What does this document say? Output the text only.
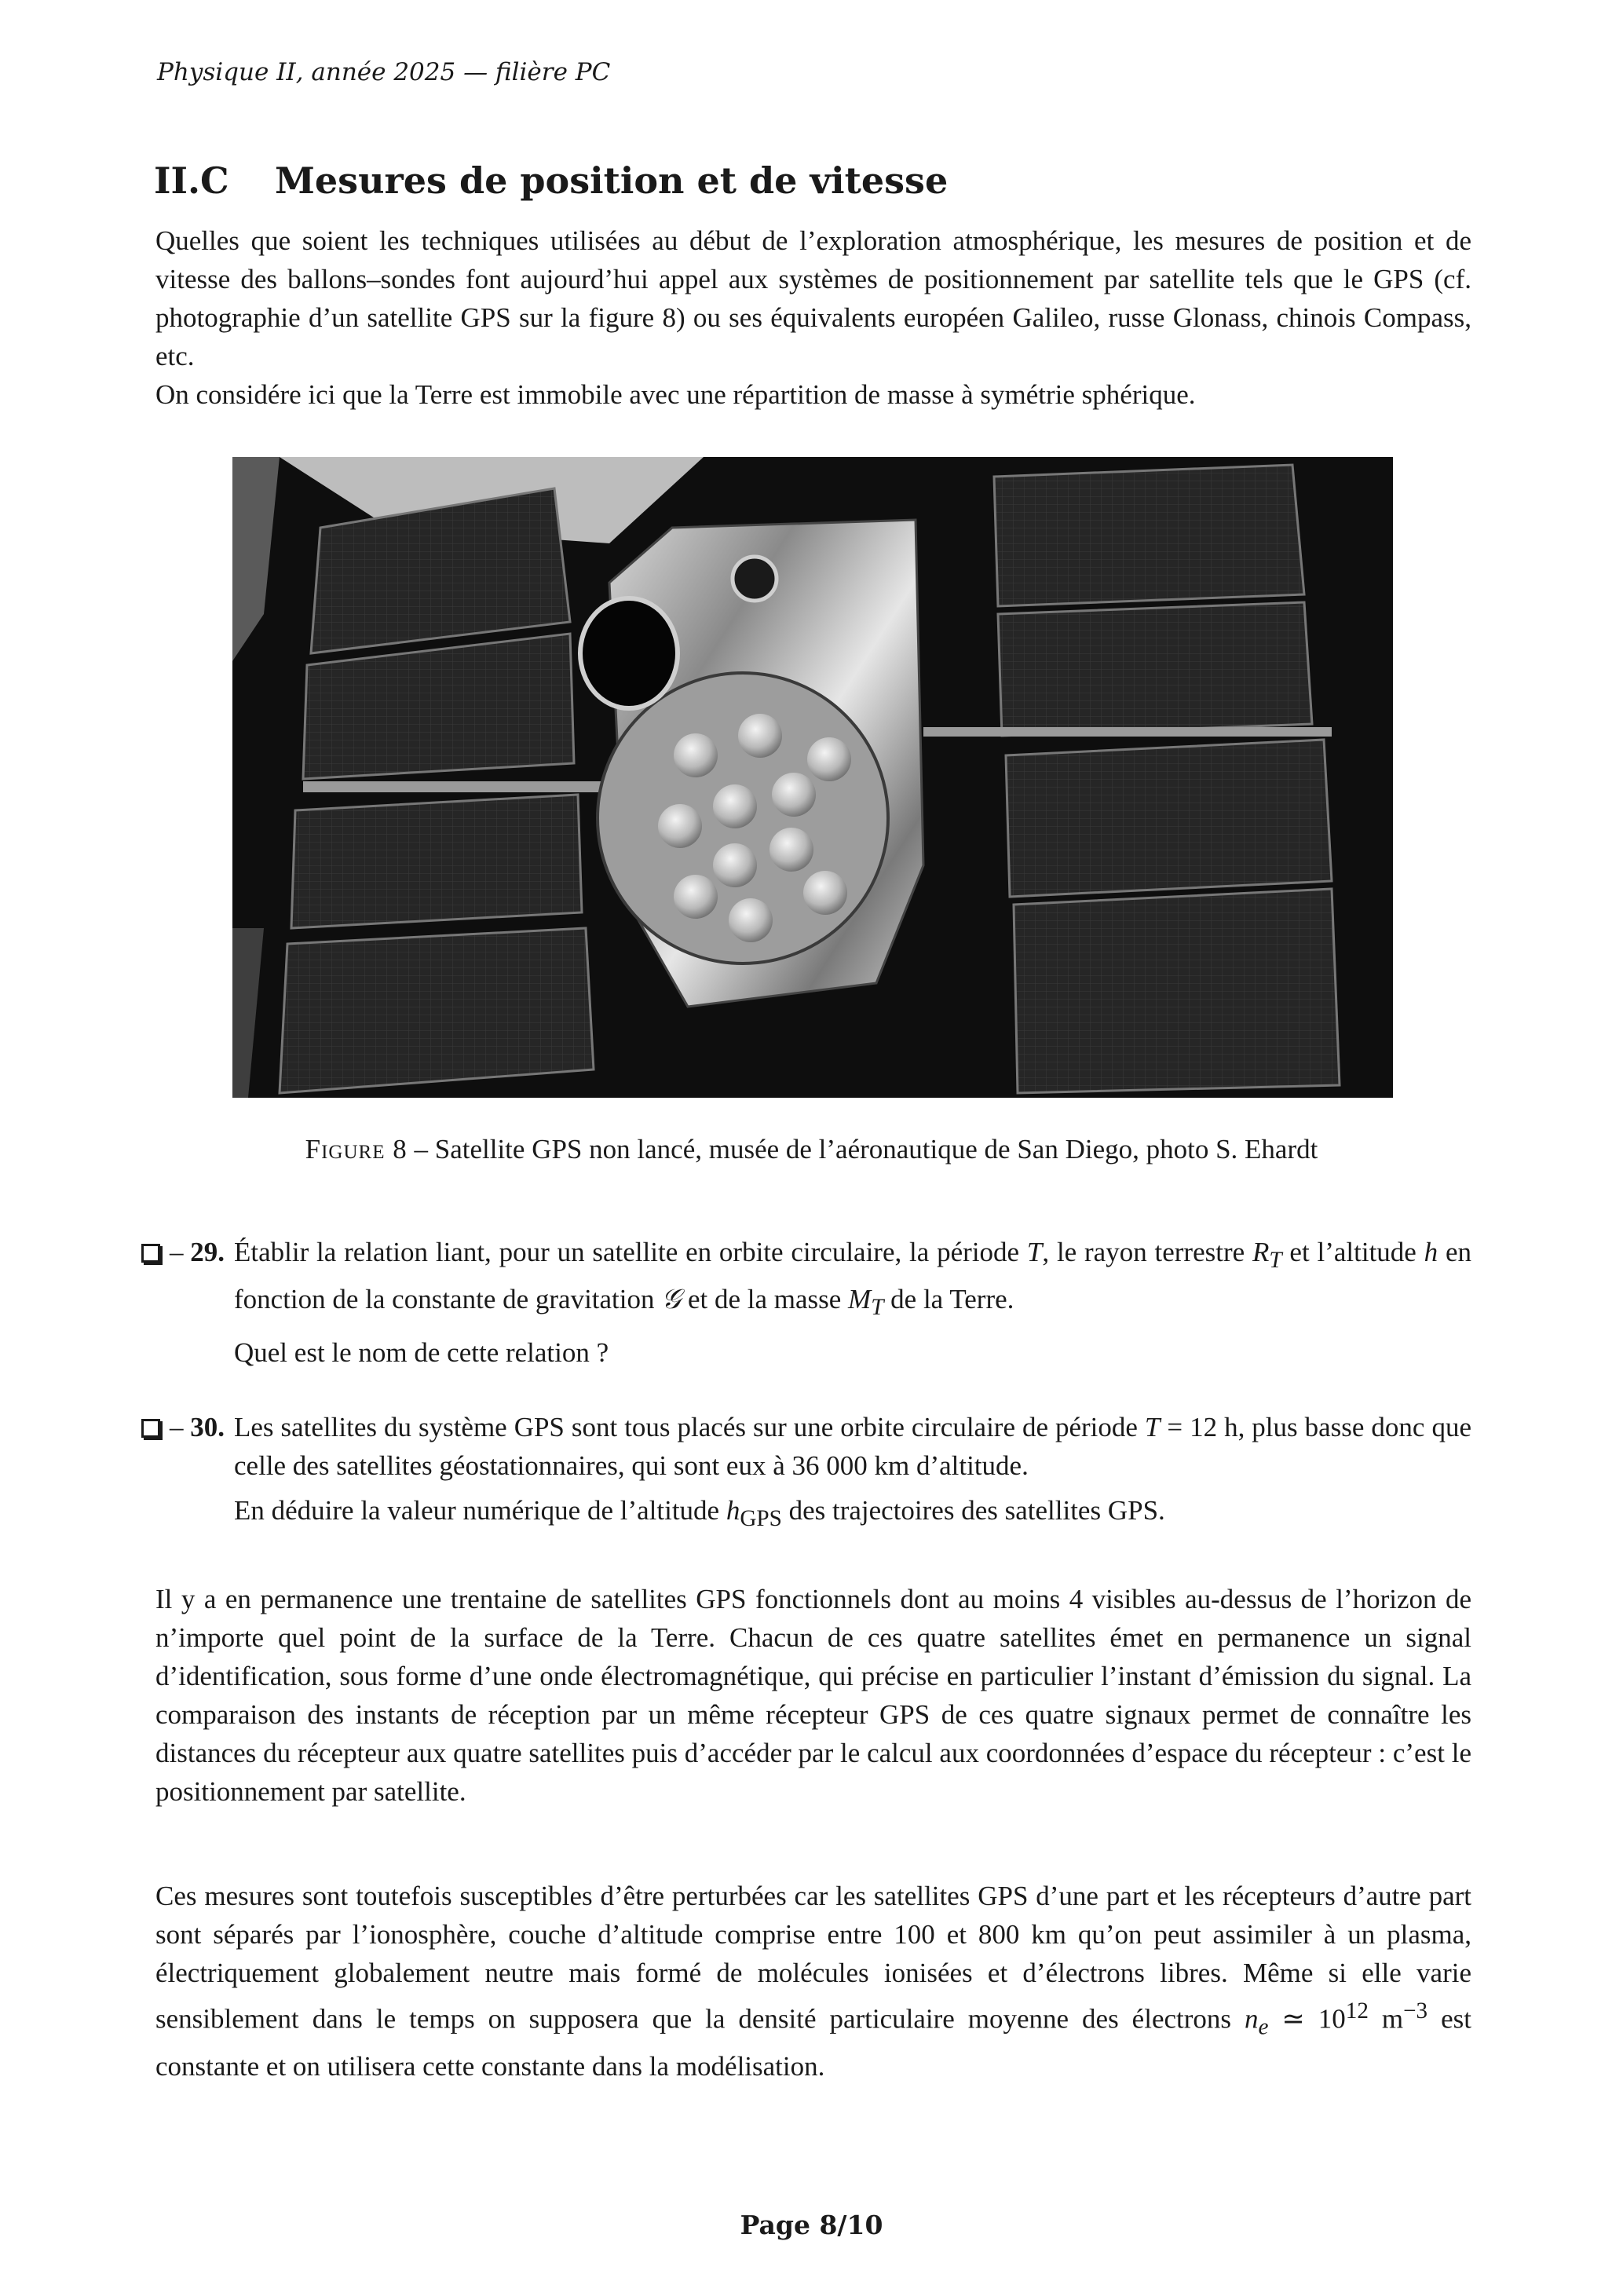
Physique II, année 2025 — filière PC
II.C Mesures de position et de vitesse

Quelles que soient les techniques utilisées au début de l’exploration atmosphérique, les mesures de position et de vitesse des ballons–sondes font aujourd’hui appel aux systèmes de positionnement par satellite tels que le GPS (cf. photographie d’un satellite GPS sur la figure 8) ou ses équivalents européen Galileo, russe Glonass, chinois Compass, etc.

On considére ici que la Terre est immobile avec une répartition de masse à symétrie sphérique.

Figure 8 – Satellite GPS non lancé, musée de l’aéronautique de San Diego, photo S. Ehardt
– 29. Établir la relation liant, pour un satellite en orbite circulaire, la période T, le rayon terrestre $R_T$ et l’altitude h en fonction de la constante de gravitation 𝒢 et de la masse $M_T$ de la Terre.
Quel est le nom de cette relation ?
– 30. Les satellites du système GPS sont tous placés sur une orbite circulaire de période T = 12 h, plus basse donc que celle des satellites géostationnaires, qui sont eux à 36 000 km d’altitude.
En déduire la valeur numérique de l’altitude $h_{GPS}$ des trajectoires des satellites GPS.

Il y a en permanence une trentaine de satellites GPS fonctionnels dont au moins 4 visibles au-dessus de l’horizon de n’importe quel point de la surface de la Terre. Chacun de ces quatre satellites émet en permanence un signal d’identification, sous forme d’une onde électromagnétique, qui précise en particulier l’instant d’émission du signal. La comparaison des instants de réception par un même récepteur GPS de ces quatre signaux permet de connaître les distances du récepteur aux quatre satellites puis d’accéder par le calcul aux coordonnées d’espace du récepteur : c’est le positionnement par satellite.

Ces mesures sont toutefois susceptibles d’être perturbées car les satellites GPS d’une part et les récepteurs d’autre part sont séparés par l’ionosphère, couche d’altitude comprise entre 100 et 800 km qu’on peut assimiler à un plasma, électriquement globalement neutre mais formé de molécules ionisées et d’électrons libres. Même si elle varie sensiblement dans le temps on supposera que la densité particulaire moyenne des électrons $n_e$ ≃ $10^{12}$ $m^{-3}$ est constante et on utilisera cette constante dans la modélisation.

Page 8/10
